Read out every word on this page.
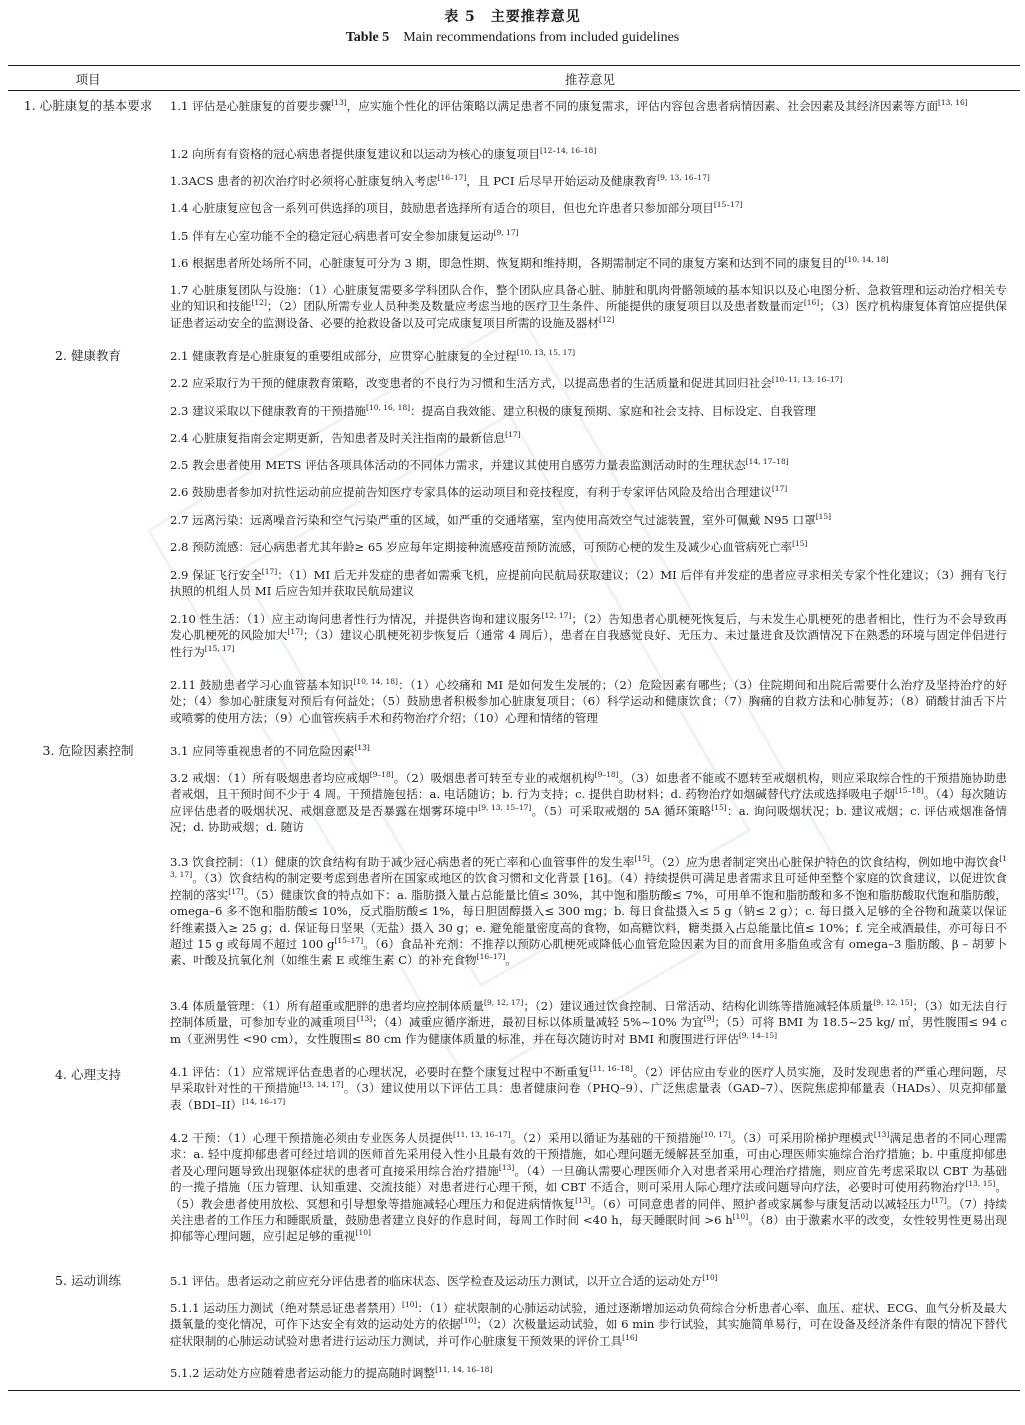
表 5　主要推荐意见
Table 5　 Main recommendations from included guidelines
项目	推荐意见
1. 心脏康复的基本要求
2. 健康教育
3. 危险因素控制
4. 心理支持
5. 运动训练
1.1 评估是心脏康复的首要步骤[13]，应实施个性化的评估策略以满足患者不同的康复需求，评估内容包含患者病情因素、社会因素及其经济因素等方面[13, 16]
1.2 向所有有资格的冠心病患者提供康复建议和以运动为核心的康复项目[12–14, 16–18]
1.3ACS 患者的初次治疗时必须将心脏康复纳入考虑[16–17]，且 PCI 后尽早开始运动及健康教育[9, 13, 16–17]
1.4 心脏康复应包含一系列可供选择的项目，鼓励患者选择所有适合的项目，但也允许患者只参加部分项目[15–17]
1.5 伴有左心室功能不全的稳定冠心病患者可安全参加康复运动[9, 17]
1.6 根据患者所处场所不同，心脏康复可分为 3 期，即急性期、恢复期和维持期，各期需制定不同的康复方案和达到不同的康复目的[10, 14, 18]
1.7 心脏康复团队与设施：（1）心脏康复需要多学科团队合作，整个团队应具备心脏、肺脏和肌肉骨骼领域的基本知识以及心电图分析、急救管理和运动治疗相关专业的知识和技能[12]；（2）团队所需专业人员种类及数量应考虑当地的医疗卫生条件、所能提供的康复项目以及患者数量而定[16]；（3）医疗机构康复体育馆应提供保证患者运动安全的监测设备、必要的抢救设备以及可完成康复项目所需的设施及器材[12]
2.1 健康教育是心脏康复的重要组成部分，应贯穿心脏康复的全过程[10, 13, 15, 17]
2.2 应采取行为干预的健康教育策略，改变患者的不良行为习惯和生活方式，以提高患者的生活质量和促进其回归社会[10–11, 13, 16–17]
2.3 建议采取以下健康教育的干预措施[10, 16, 18]：提高自我效能、建立积极的康复预期、家庭和社会支持、目标设定、自我管理
2.4 心脏康复指南会定期更新，告知患者及时关注指南的最新信息[17]
2.5 教会患者使用 METS 评估各项具体活动的不同体力需求，并建议其使用自感劳力量表监测活动时的生理状态[14, 17–18]
2.6 鼓励患者参加对抗性运动前应提前告知医疗专家具体的运动项目和竞技程度，有利于专家评估风险及给出合理建议[17]
2.7 远离污染：远离噪音污染和空气污染严重的区域，如严重的交通堵塞，室内使用高效空气过滤装置，室外可佩戴 N95 口罩[15]
2.8 预防流感：冠心病患者尤其年龄≥ 65 岁应每年定期接种流感疫苗预防流感，可预防心梗的发生及减少心血管病死亡率[15]
2.9 保证飞行安全[17]：（1）MI 后无并发症的患者如需乘飞机，应提前向民航局获取建议；（2）MI 后伴有并发症的患者应寻求相关专家个性化建议；（3）拥有飞行执照的机组人员 MI 后应告知并获取民航局建议
2.10 性生活：（1）应主动询问患者性行为情况，并提供咨询和建议服务[12, 17]；（2）告知患者心肌梗死恢复后，与未发生心肌梗死的患者相比，性行为不会导致再发心肌梗死的风险加大[17]；（3）建议心肌梗死初步恢复后（通常 4 周后），患者在自我感觉良好、无压力、未过量进食及饮酒情况下在熟悉的环境与固定伴侣进行性行为[15, 17]
2.11 鼓励患者学习心血管基本知识[10, 14, 18]：（1）心绞痛和 MI 是如何发生发展的；（2）危险因素有哪些；（3）住院期间和出院后需要什么治疗及坚持治疗的好处；（4）参加心脏康复对预后有何益处；（5）鼓励患者积极参加心脏康复项目；（6）科学运动和健康饮食；（7）胸痛的自救方法和心肺复苏；（8）硝酸甘油舌下片或喷雾的使用方法；（9）心血管疾病手术和药物治疗介绍；（10）心理和情绪的管理
3.1 应同等重视患者的不同危险因素[13]
3.2 戒烟：（1）所有吸烟患者均应戒烟[9–18]。（2）吸烟患者可转至专业的戒烟机构[9–18]。（3）如患者不能或不愿转至戒烟机构，则应采取综合性的干预措施协助患者戒烟，且干预时间不少于 4 周。干预措施包括：a. 电话随访；b. 行为支持；c. 提供自助材料；d. 药物治疗如烟碱替代疗法或选择吸电子烟[15–18]。（4）每次随访应评估患者的吸烟状况、戒烟意愿及是否暴露在烟雾环境中[9, 13, 15–17]。（5）可采取戒烟的 5A 循环策略[15]：a. 询问吸烟状况；b. 建议戒烟；c. 评估戒烟准备情况；d. 协助戒烟；d. 随访
3.3 饮食控制：（1）健康的饮食结构有助于减少冠心病患者的死亡率和心血管事件的发生率[15]。（2）应为患者制定突出心脏保护特色的饮食结构，例如地中海饮食[13, 17]。（3）饮食结构的制定要考虑到患者所在国家或地区的饮食习惯和文化背景 [16]。（4）持续提供可满足患者需求且可延伸至整个家庭的饮食建议，以促进饮食控制的落实[17]。（5）健康饮食的特点如下：a. 脂肪摄入量占总能量比值≤ 30%，其中饱和脂肪酸≤ 7%，可用单不饱和脂肪酸和多不饱和脂肪酸取代饱和脂肪酸，omega–6 多不饱和脂肪酸≤ 10%，反式脂肪酸≤ 1%，每日胆固醇摄入≤ 300 mg；b. 每日食盐摄入≤ 5 g（钠≤ 2 g）；c. 每日摄入足够的全谷物和蔬菜以保证纤维素摄入≥ 25 g；d. 保证每日坚果（无盐）摄入 30 g；e. 避免能量密度高的食物，如高糖饮料，糖类摄入占总能量比值≤ 10%；f. 完全戒酒最佳，亦可每日不超过 15 g 或每周不超过 100 g[15–17]。（6）食品补充剂：不推荐以预防心肌梗死或降低心血管危险因素为目的而食用多脂鱼或含有 omega–3 脂肪酸、β – 胡萝卜素、叶酸及抗氧化剂（如维生素 E 或维生素 C）的补充食物[16–17]。
3.4 体质量管理：（1）所有超重或肥胖的患者均应控制体质量[9, 12, 17]；（2）建议通过饮食控制、日常活动、结构化训练等措施减轻体质量[9, 12, 15]；（3）如无法自行控制体质量，可参加专业的减重项目[13]；（4）减重应循序渐进，最初目标以体质量减轻 5%~10% 为宜[9]；（5）可将 BMI 为 18.5~25 kg/ ㎡，男性腹围≤ 94 cm（亚洲男性 <90 cm），女性腹围≤ 80 cm 作为健康体质量的标准，并在每次随访时对 BMI 和腹围进行评估[9, 14–15]
4.1 评估：（1）应常规评估查患者的心理状况，必要时在整个康复过程中不断重复[11, 16–18]。（2）评估应由专业的医疗人员实施，及时发现患者的严重心理问题，尽早采取针对性的干预措施[13, 14, 17]。（3）建议使用以下评估工具：患者健康问卷（PHQ–9）、广泛焦虑量表（GAD–7）、医院焦虑抑郁量表（HADs）、贝克抑郁量表（BDI–II）[14, 16–17]
4.2 干预：（1）心理干预措施必须由专业医务人员提供[11, 13, 16–17]。（2）采用以循证为基础的干预措施[10, 17]。（3）可采用阶梯护理模式[13]满足患者的不同心理需求：a. 轻中度抑郁患者可经过培训的医师首先采用侵入性小且最有效的干预措施，如心理问题无缓解甚至加重，可由心理医师实施综合治疗措施；b. 中重度抑郁患者及心理问题导致出现躯体症状的患者可直接采用综合治疗措施[13]。（4）一旦确认需要心理医师介入对患者采用心理治疗措施，则应首先考虑采取以 CBT 为基础的一揽子措施（压力管理、认知重建、交流技能）对患者进行心理干预，如 CBT 不适合，则可采用人际心理疗法或问题导向疗法，必要时可使用药物治疗[13, 15]。（5）教会患者使用放松、冥想和引导想象等措施减轻心理压力和促进病情恢复[13]。（6）可同意患者的同伴、照护者或家属参与康复活动以减轻压力[17]。（7）持续关注患者的工作压力和睡眠质量，鼓励患者建立良好的作息时间，每周工作时间 <40 h，每天睡眠时间 >6 h[10]。（8）由于激素水平的改变，女性较男性更易出现抑郁等心理问题，应引起足够的重视[10]
5.1 评估。患者运动之前应充分评估患者的临床状态、医学检查及运动压力测试，以开立合适的运动处方[10]
5.1.1 运动压力测试（绝对禁忌证患者禁用）[10]：（1）症状限制的心肺运动试验，通过逐渐增加运动负荷综合分析患者心率、血压、症状、ECG、血气分析及最大摄氧量的变化情况，可作下达安全有效的运动处方的依据[10]；（2）次极量运动试验，如 6 min 步行试验，其实施简单易行，可在设备及经济条件有限的情况下替代症状限制的心肺运动试验对患者进行运动压力测试，并可作心脏康复干预效果的评价工具[16]
5.1.2 运动处方应随着患者运动能力的提高随时调整[11, 14, 16–18]
